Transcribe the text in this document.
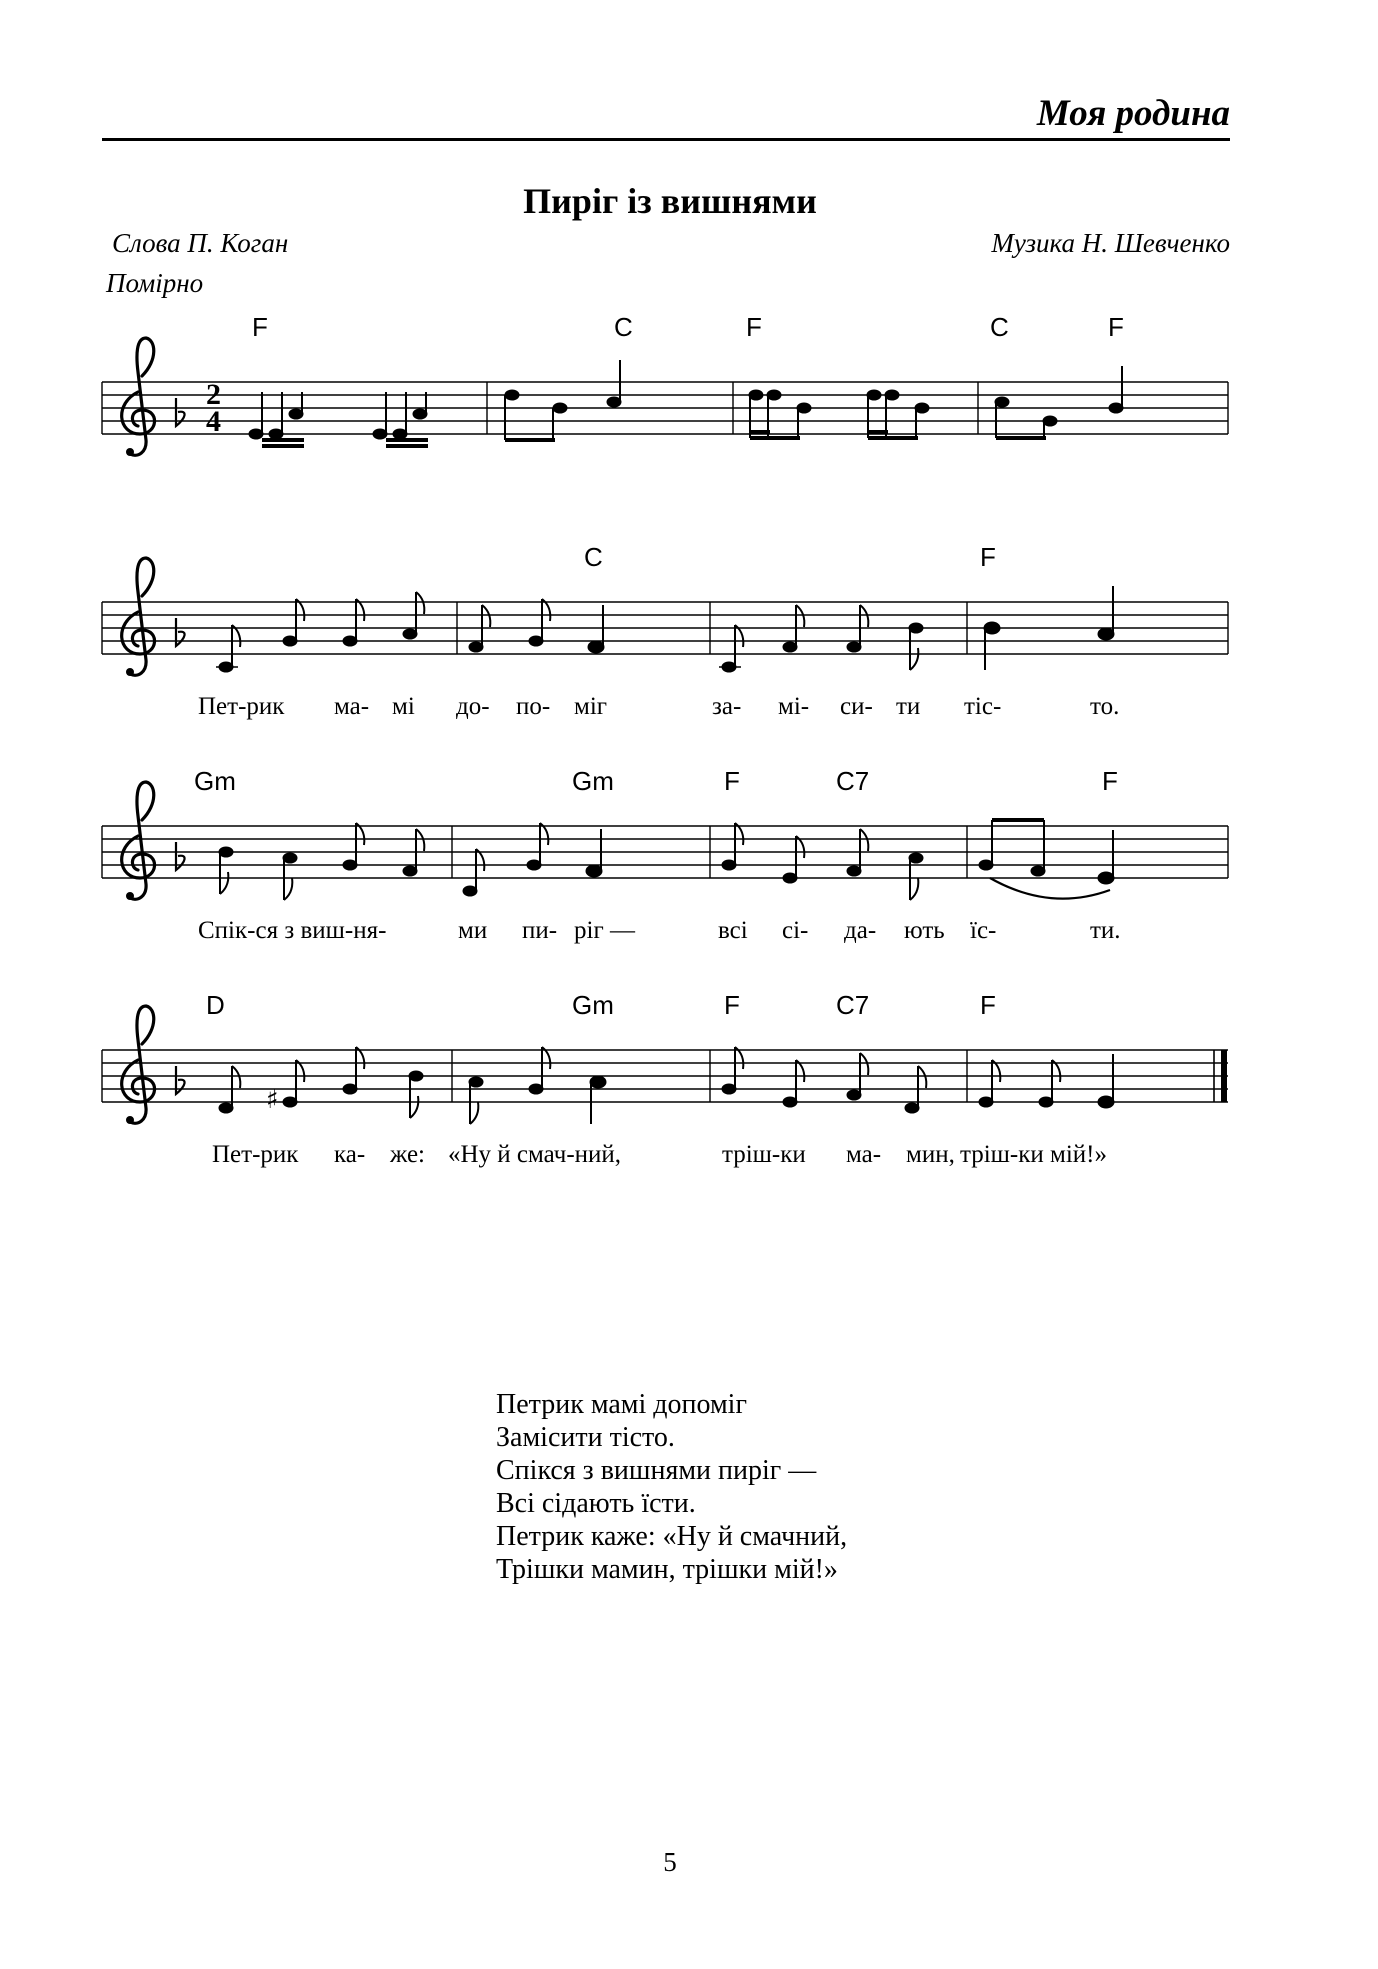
Моя родина
Пиріг із вишнями
Слова П. Коган	Музика Н. Шевченко
Помірно
2
4
♯
F	C	F	C	F
C	F
Gm	Gm	F	C7	F
D	Gm	F	C7	F
Пет-рик ма- мі до- по- міг	за- мі- си- ти тіс-	то.
Спік-ся з виш-ня-	ми пи- ріг —	всі сі- да- ють їс-	ти.
Пет-рик ка- же: «Ну й смач-ний,	тріш-ки ма- мин, тріш-ки мій!»
Петрик мамі допоміг
Замісити тісто.
Спікся з вишнями пиріг —
Всі сідають їсти.
Петрик каже: «Ну й смачний,
Трішки мамин, трішки мій!»
5
